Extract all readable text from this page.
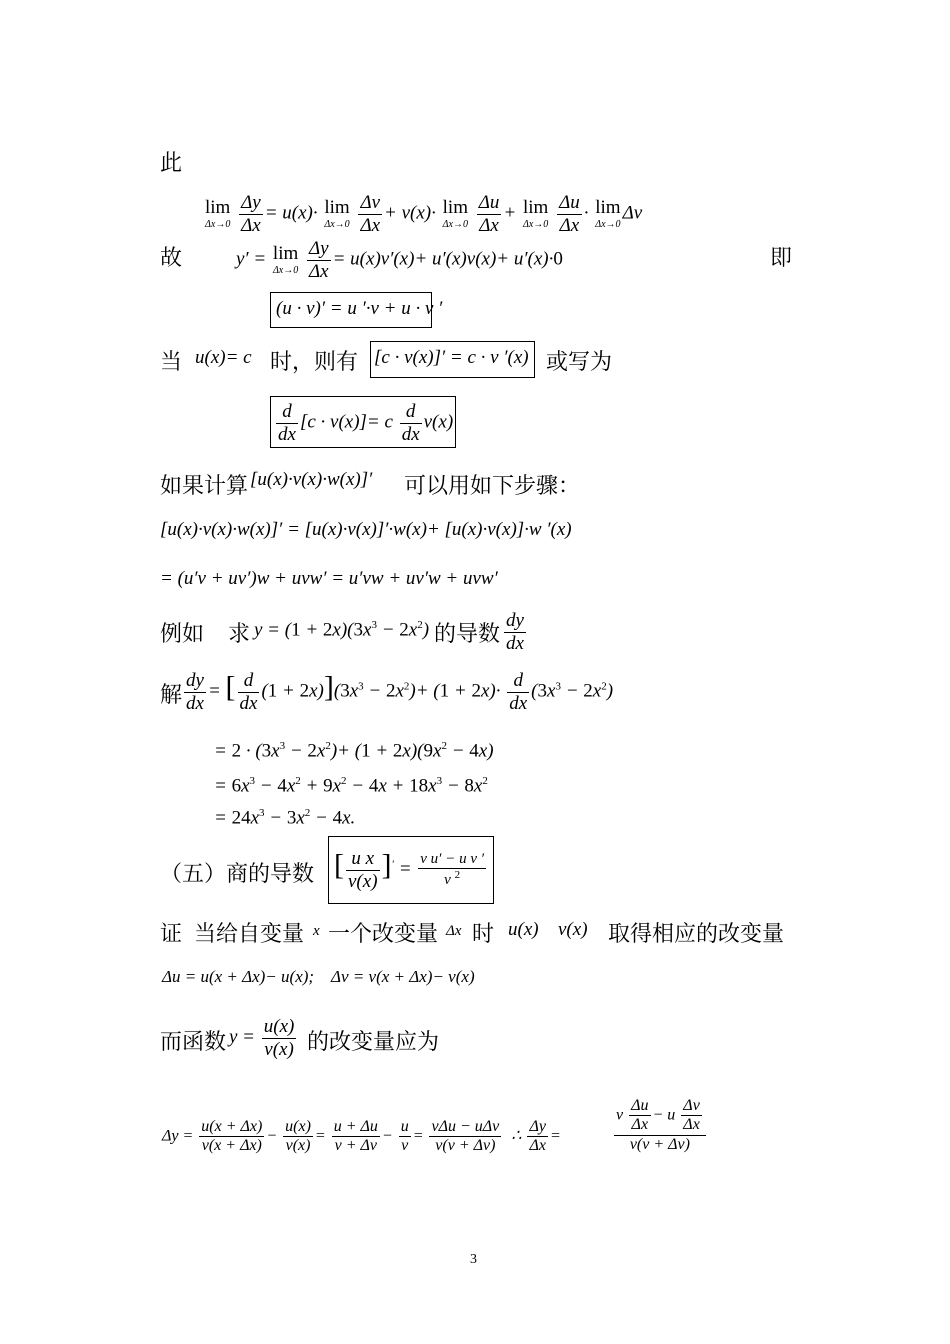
此
lim
Δx→0
$\frac{\Delta y}{\Delta x} = u(x)\cdot \lim$
Δx→0
$\frac{\Delta v}{\Delta x} + v(x)\cdot \lim$
Δx→0
$\frac{\Delta u}{\Delta x} + \lim$
Δx→0
$\frac{\Delta u}{\Delta x} \cdot \lim$
Δx→0
Δv
故	y′ = lim
Δx→0
$\frac{\Delta y}{\Delta x} = u(x)v'(x)+ u'(x)v(x)+ u'(x)\cdot 0$	即
(u · v)′ = u ′·v + u · v ′
当 u(x)= c 时，则有 [c · v(x)]′ = c · v ′(x) 或写为
$\frac{d}{dx} [c \cdot v(x)]= c \frac{d}{dx} v(x)$
如果计算 [u(x)·v(x)·w(x)]′ 可以用如下步骤：
[u(x)·v(x)·w(x)]′ = [u(x)·v(x)]′·w(x)+ [u(x)·v(x)]·w ′(x)
= (u′v + uv′)w + uvw′ = u′vw + uv′w + uvw′
例如 求 $y = (1 + 2x)(3x^3 - 2x^2)$ 的导数 $\frac{dy}{dx}$
解 $\frac{dy}{dx}$ = [ $\frac{d}{dx} (1 + 2x)](3x^3 - 2x^2)+ (1 + 2x)\cdot \frac{d}{dx} (3x^3 - 2x^2)$
= $2 \cdot (3x^3 - 2x^2)+ (1 + 2x)(9x^2 - 4x)$
= $6x^3 - 4x^2 + 9x^2 - 4x + 18x^3 - 8x^2$
= $24x^3 - 3x^2 - 4x$.
（五）商的导数 [ $\frac{\text{u x}}{v(x)} ]' = \frac{\text{v u′ − u v ′}}{v ^2}$
证 当给自变量 x 一个改变量 Δx 时 u(x) v(x) 取得相应的改变量
Δu = u(x + Δx)− u(x);    Δv = v(x + Δx)− v(x)
而函数 $y = \frac{u(x)}{v(x)}$ 的改变量应为
$\Delta y = \frac{u(x + \Delta x)}{v(x + \Delta x)} - \frac{u(x)}{v(x)} = \frac{u + \Delta u}{v + \Delta v} - \frac{u}{v} = \frac{\text{vΔu − uΔv}}{v(v + \Delta v)}$ ∴ $\frac{\Delta y}{\Delta x}$ =	$\frac{v \frac{\Delta u}{\Delta x} - u \frac{\Delta v}{\Delta x}}{v(v + \Delta v)}$
3
